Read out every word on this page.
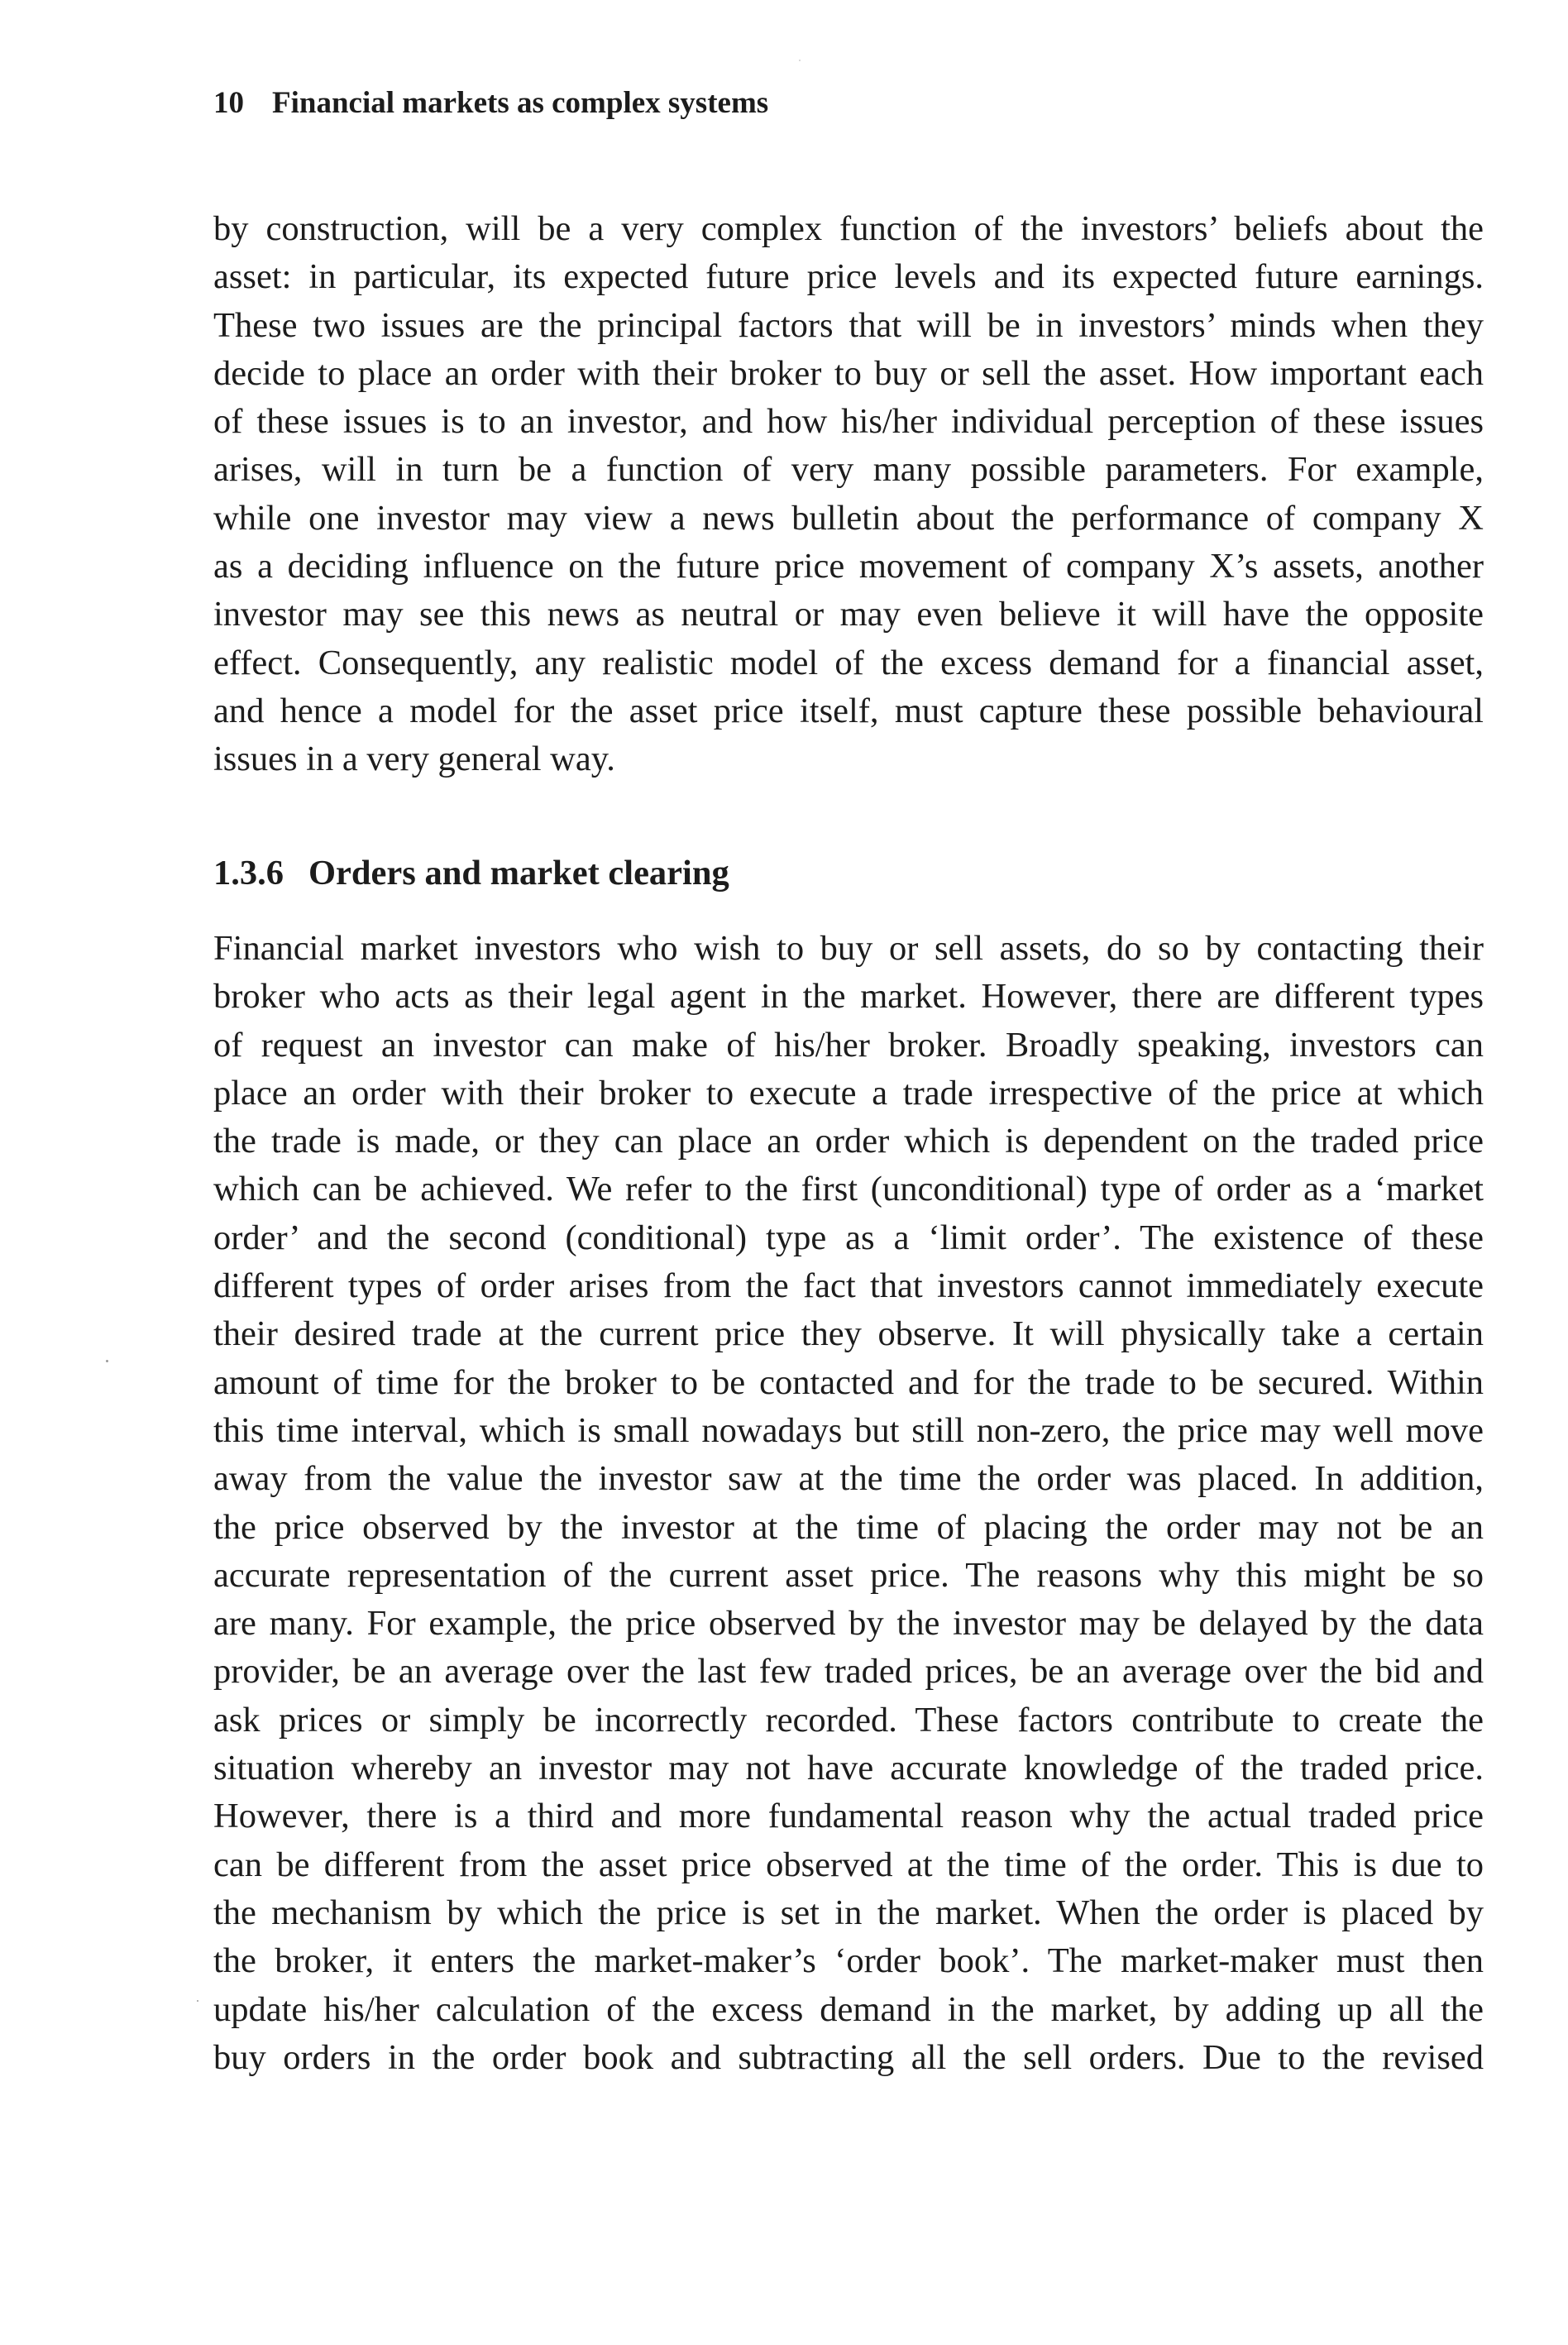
10 Financial markets as complex systems
by construction, will be a very complex function of the investors’ beliefs about the
asset: in particular, its expected future price levels and its expected future earnings.
These two issues are the principal factors that will be in investors’ minds when they
decide to place an order with their broker to buy or sell the asset. How important each
of these issues is to an investor, and how his/her individual perception of these issues
arises, will in turn be a function of very many possible parameters. For example,
while one investor may view a news bulletin about the performance of company X
as a deciding influence on the future price movement of company X’s assets, another
investor may see this news as neutral or may even believe it will have the opposite
effect. Consequently, any realistic model of the excess demand for a financial asset,
and hence a model for the asset price itself, must capture these possible behavioural
issues in a very general way.
1.3.6 Orders and market clearing
Financial market investors who wish to buy or sell assets, do so by contacting their
broker who acts as their legal agent in the market. However, there are different types
of request an investor can make of his/her broker. Broadly speaking, investors can
place an order with their broker to execute a trade irrespective of the price at which
the trade is made, or they can place an order which is dependent on the traded price
which can be achieved. We refer to the first (unconditional) type of order as a ‘market
order’ and the second (conditional) type as a ‘limit order’. The existence of these
different types of order arises from the fact that investors cannot immediately execute
their desired trade at the current price they observe. It will physically take a certain
amount of time for the broker to be contacted and for the trade to be secured. Within
this time interval, which is small nowadays but still non-zero, the price may well move
away from the value the investor saw at the time the order was placed. In addition,
the price observed by the investor at the time of placing the order may not be an
accurate representation of the current asset price. The reasons why this might be so
are many. For example, the price observed by the investor may be delayed by the data
provider, be an average over the last few traded prices, be an average over the bid and
ask prices or simply be incorrectly recorded. These factors contribute to create the
situation whereby an investor may not have accurate knowledge of the traded price.
However, there is a third and more fundamental reason why the actual traded price
can be different from the asset price observed at the time of the order. This is due to
the mechanism by which the price is set in the market. When the order is placed by
the broker, it enters the market-maker’s ‘order book’. The market-maker must then
update his/her calculation of the excess demand in the market, by adding up all the
buy orders in the order book and subtracting all the sell orders. Due to the revised
